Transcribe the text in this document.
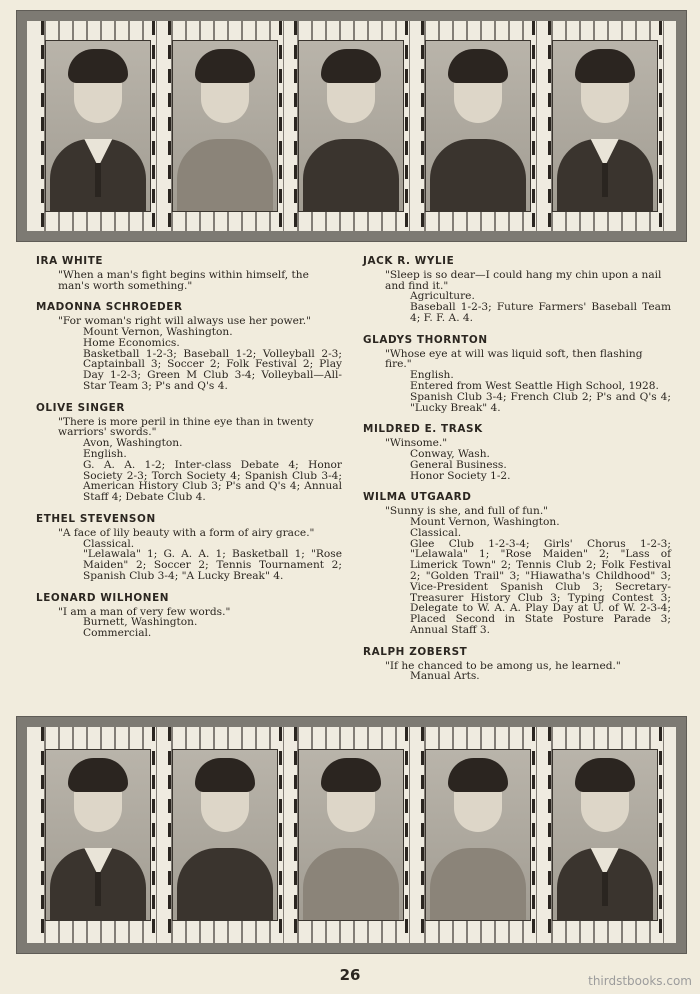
IRA WHITE
"When a man's fight begins within himself, the man's worth something."
MADONNA SCHROEDER
"For woman's right will always use her power."
Mount Vernon, Washington.
Home Economics.
Basketball 1-2-3; Baseball 1-2; Volleyball 2-3; Captainball 3; Soccer 2; Folk Festival 2; Play Day 1-2-3; Green M Club 3-4; Volleyball—All-Star Team 3; P's and Q's 4.
OLIVE SINGER
"There is more peril in thine eye than in twenty warriors' swords."
Avon, Washington.
English.
G. A. A. 1-2; Inter-class Debate 4; Honor Society 2-3; Torch Society 4; Spanish Club 3-4; American History Club 3; P's and Q's 4; Annual Staff 4; Debate Club 4.
ETHEL STEVENSON
"A face of lily beauty with a form of airy grace."
Classical.
"Lelawala" 1; G. A. A. 1; Basketball 1; "Rose Maiden" 2; Soccer 2; Tennis Tournament 2; Spanish Club 3-4; "A Lucky Break" 4.
LEONARD WILHONEN
"I am a man of very few words."
Burnett, Washington.
Commercial.
JACK R. WYLIE
"Sleep is so dear—I could hang my chin upon a nail and find it."
Agriculture.
Baseball 1-2-3; Future Farmers' Baseball Team 4; F. F. A. 4.
GLADYS THORNTON
"Whose eye at will was liquid soft, then flashing fire."
English.
Entered from West Seattle High School, 1928.
Spanish Club 3-4; French Club 2; P's and Q's 4; "Lucky Break" 4.
MILDRED E. TRASK
"Winsome."
Conway, Wash.
General Business.
Honor Society 1-2.
WILMA UTGAARD
"Sunny is she, and full of fun."
Mount Vernon, Washington.
Classical.
Glee Club 1-2-3-4; Girls' Chorus 1-2-3; "Lelawala" 1; "Rose Maiden" 2; "Lass of Limerick Town" 2; Tennis Club 2; Folk Festival 2; "Golden Trail" 3; "Hiawatha's Childhood" 3; Vice-President Spanish Club 3; Secretary-Treasurer History Club 3; Typing Contest 3; Delegate to W. A. A. Play Day at U. of W. 2-3-4; Placed Second in State Posture Parade 3; Annual Staff 3.
RALPH ZOBERST
"If he chanced to be among us, he learned."
Manual Arts.
26	thirdstbooks.com
